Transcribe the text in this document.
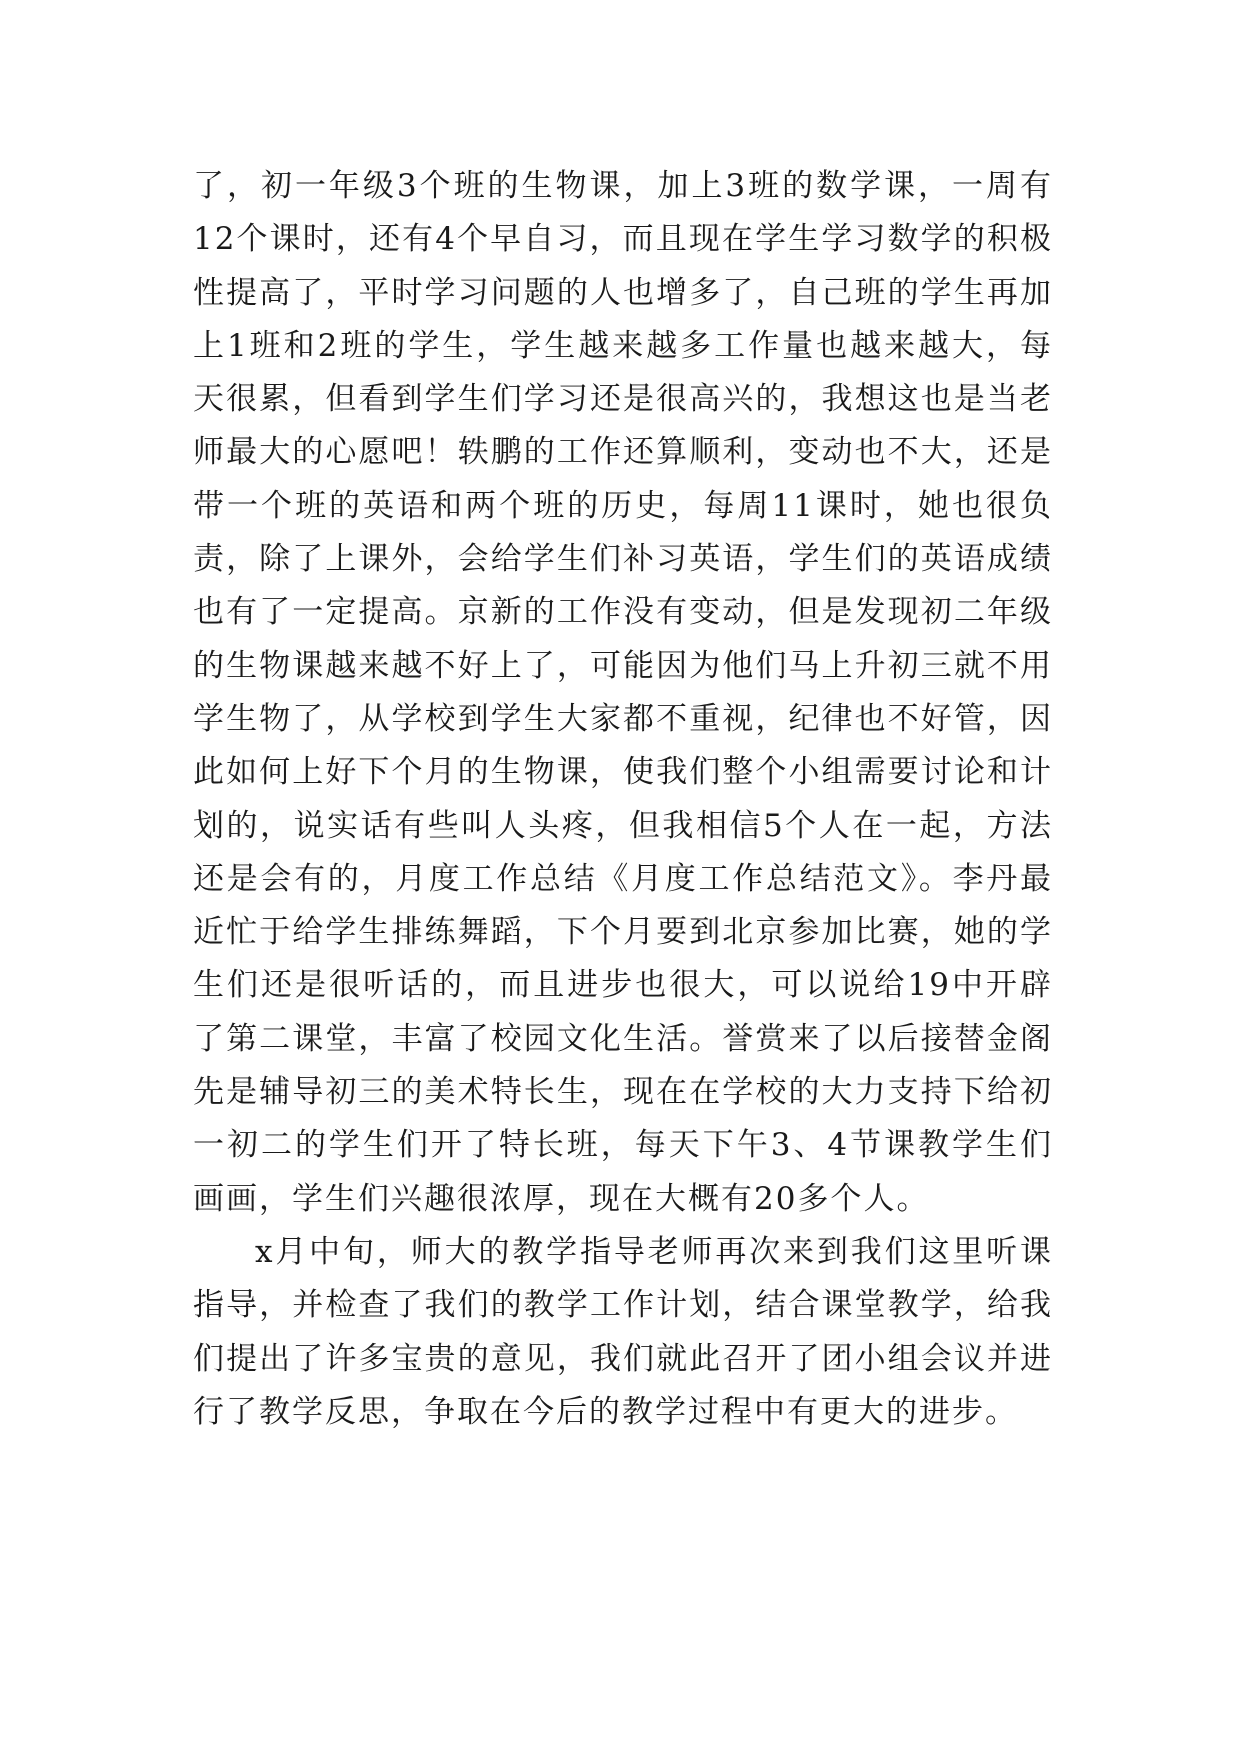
了，初一年级3个班的生物课，加上3班的数学课，一周有12个课时，还有4个早自习，而且现在学生学习数学的积极性提高了，平时学习问题的人也增多了，自己班的学生再加上1班和2班的学生，学生越来越多工作量也越来越大，每天很累，但看到学生们学习还是很高兴的，我想这也是当老师最大的心愿吧！轶鹏的工作还算顺利，变动也不大，还是带一个班的英语和两个班的历史，每周11课时，她也很负责，除了上课外，会给学生们补习英语，学生们的英语成绩也有了一定提高。京新的工作没有变动，但是发现初二年级的生物课越来越不好上了，可能因为他们马上升初三就不用学生物了，从学校到学生大家都不重视，纪律也不好管，因此如何上好下个月的生物课，使我们整个小组需要讨论和计划的，说实话有些叫人头疼，但我相信5个人在一起，方法还是会有的，月度工作总结《月度工作总结范文》。李丹最近忙于给学生排练舞蹈，下个月要到北京参加比赛，她的学生们还是很听话的，而且进步也很大，可以说给19中开辟了第二课堂，丰富了校园文化生活。誉赏来了以后接替金阁先是辅导初三的美术特长生，现在在学校的大力支持下给初一初二的学生们开了特长班，每天下午3、4节课教学生们画画，学生们兴趣很浓厚，现在大概有20多个人。

x月中旬，师大的教学指导老师再次来到我们这里听课指导，并检查了我们的教学工作计划，结合课堂教学，给我们提出了许多宝贵的意见，我们就此召开了团小组会议并进行了教学反思，争取在今后的教学过程中有更大的进步。
